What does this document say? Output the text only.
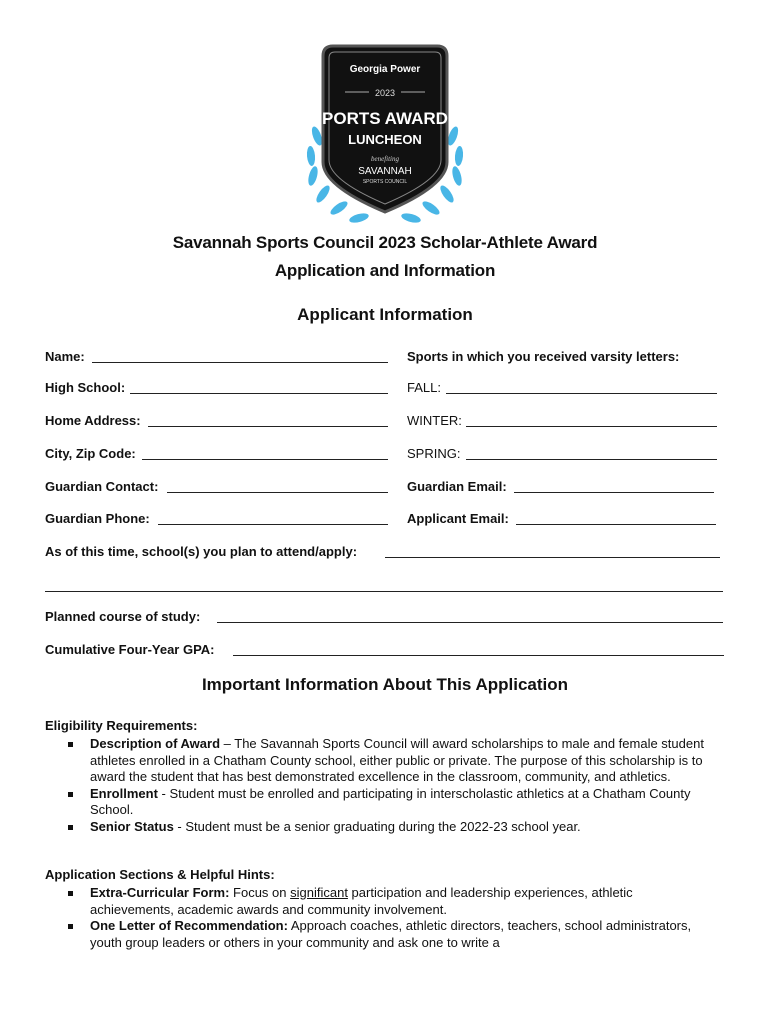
Georgia Power
2023
SPORTS AWARDS
LUNCHEON
benefiting
SAVANNAH
SPORTS COUNCIL
Savannah Sports Council 2023 Scholar-Athlete Award
Application and Information
Applicant Information
Name:	Sports in which you received varsity letters:
High School:	FALL:
Home Address:	WINTER:
City, Zip Code:	SPRING:
Guardian Contact:	Guardian Email:
Guardian Phone:	Applicant Email:
As of this time, school(s) you plan to attend/apply:
Planned course of study:
Cumulative Four-Year GPA:
Important Information About This Application
Eligibility Requirements:
Description of Award – The Savannah Sports Council will award scholarships to male and female student athletes enrolled in a Chatham County school, either public or private. The purpose of this scholarship is to award the student that has best demonstrated excellence in the classroom, community, and athletics.
Enrollment - Student must be enrolled and participating in interscholastic athletics at a Chatham County School.
Senior Status - Student must be a senior graduating during the 2022-23 school year.
Application Sections & Helpful Hints:
Extra-Curricular Form: Focus on significant participation and leadership experiences, athletic achievements, academic awards and community involvement.
One Letter of Recommendation: Approach coaches, athletic directors, teachers, school administrators, youth group leaders or others in your community and ask one to write a
